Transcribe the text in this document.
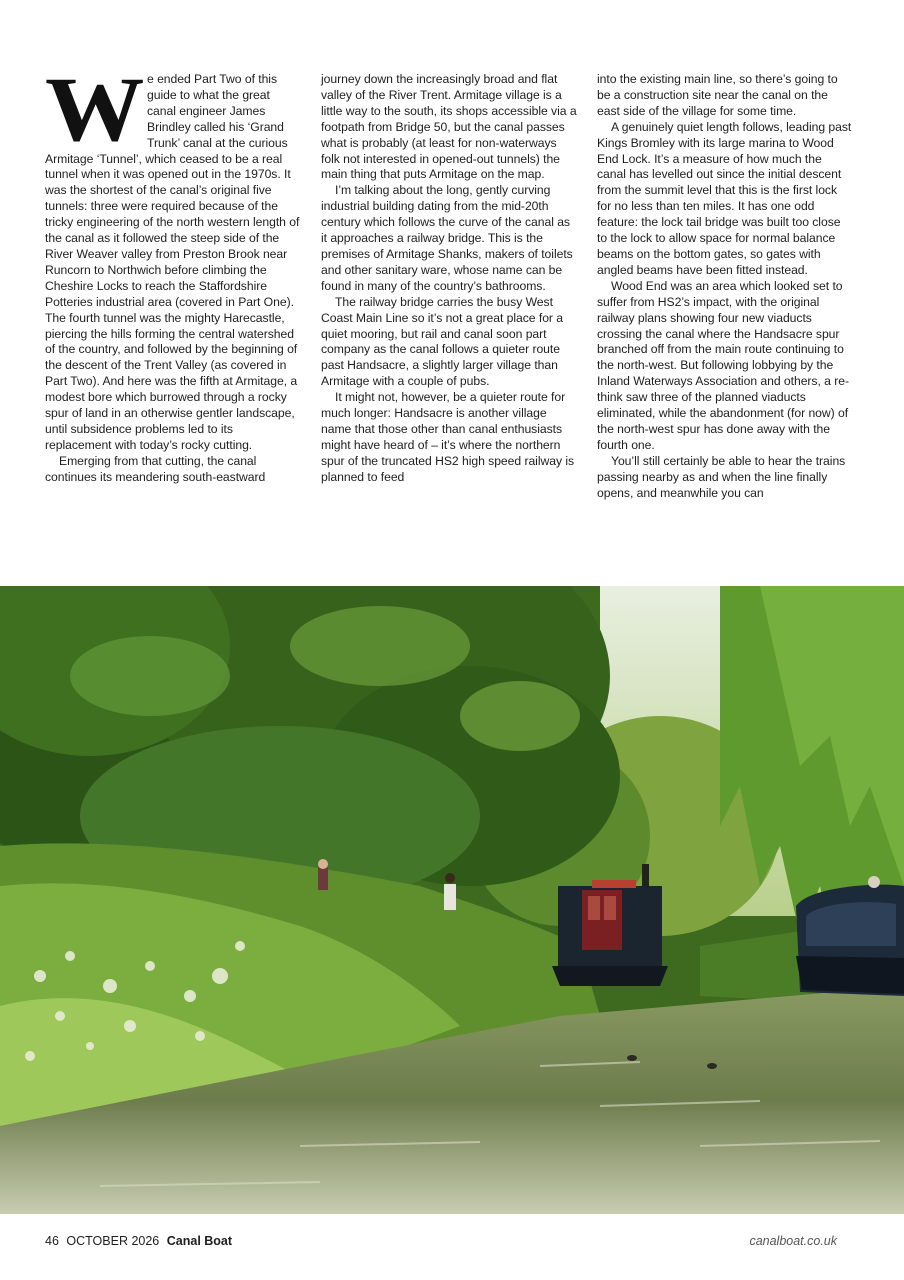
We ended Part Two of this guide to what the great canal engineer James Brindley called his ‘Grand Trunk’ canal at the curious Armitage ‘Tunnel’, which ceased to be a real tunnel when it was opened out in the 1970s. It was the shortest of the canal’s original five tunnels: three were required because of the tricky engineering of the north western length of the canal as it followed the steep side of the River Weaver valley from Preston Brook near Runcorn to Northwich before climbing the Cheshire Locks to reach the Staffordshire Potteries industrial area (covered in Part One). The fourth tunnel was the mighty Harecastle, piercing the hills forming the central watershed of the country, and followed by the beginning of the descent of the Trent Valley (as covered in Part Two). And here was the fifth at Armitage, a modest bore which burrowed through a rocky spur of land in an otherwise gentler landscape, until subsidence problems led to its replacement with today’s rocky cutting.

Emerging from that cutting, the canal continues its meandering south-eastward

journey down the increasingly broad and flat valley of the River Trent. Armitage village is a little way to the south, its shops accessible via a footpath from Bridge 50, but the canal passes what is probably (at least for non-waterways folk not interested in opened-out tunnels) the main thing that puts Armitage on the map.

I’m talking about the long, gently curving industrial building dating from the mid-20th century which follows the curve of the canal as it approaches a railway bridge. This is the premises of Armitage Shanks, makers of toilets and other sanitary ware, whose name can be found in many of the country’s bathrooms.

The railway bridge carries the busy West Coast Main Line so it’s not a great place for a quiet mooring, but rail and canal soon part company as the canal follows a quieter route past Handsacre, a slightly larger village than Armitage with a couple of pubs.

It might not, however, be a quieter route for much longer: Handsacre is another village name that those other than canal enthusiasts might have heard of – it’s where the northern spur of the truncated HS2 high speed railway is planned to feed

into the existing main line, so there’s going to be a construction site near the canal on the east side of the village for some time.

A genuinely quiet length follows, leading past Kings Bromley with its large marina to Wood End Lock. It’s a measure of how much the canal has levelled out since the initial descent from the summit level that this is the first lock for no less than ten miles. It has one odd feature: the lock tail bridge was built too close to the lock to allow space for normal balance beams on the bottom gates, so gates with angled beams have been fitted instead.

Wood End was an area which looked set to suffer from HS2’s impact, with the original railway plans showing four new viaducts crossing the canal where the Handsacre spur branched off from the main route continuing to the north-west. But following lobbying by the Inland Waterways Association and others, a re-think saw three of the planned viaducts eliminated, while the abandonment (for now) of the north-west spur has done away with the fourth one.

You’ll still certainly be able to hear the trains passing nearby as and when the line finally opens, and meanwhile you can

46 OCTOBER 2026 Canal Boat	canalboat.co.uk
